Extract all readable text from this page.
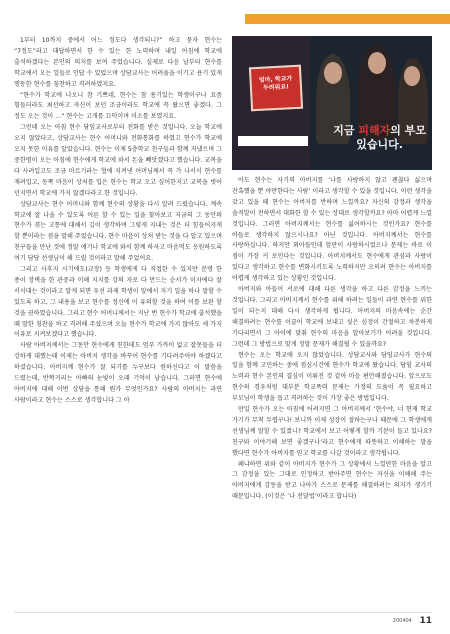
1부터 10까지 중에서 어느 정도다 생각되니?” 하고 묻자 현수는 “7정도”라고 대답하면서 한 수 있는 한 노력하며 내일 아침에 학교에 출석하겠다는 본인의 의지를 보여 주었습니다. 실제로 다음 날부터 현수를 학교에서 오는 일들로 인답 수 있었으며 상담교사는 어려움을 이기고 용기 있게 행동한 현수를 칭찬하고 격려하였지요.

“현수가 학교에 나오니 참 기쁘네, 현수는 참 용기있는 학생이구나 요즘 힘들더라도 최선하고 자신이 보던 조금이라도 학교에 꼭 왔으면 좋겠다. 그 정도 오는 것이 …” 현수는 고개를 끄덕이며 미소를 보였지요.

그런데 오는 아침 현수 담임교사로부터 전화를 받은 것입니다. 오늘 학교에 오지 않았다고, 상담교사는 현수 어머니와 전화통화를 하였고 현수가 학교에 오지 못한 이유를 알았습니다. 현수는 이제 5층학교 친구들과 함께 지냈으며 그 중한명이 오는 아침에 현수에게 학교에 와서 돈을 빼앗겠다고 했습니다. 교복을 다 사려입고도 조금 마르기라는 협에 지켜낸 어머님께서 꼭 가 나서서 현수를 재려입고, 동쪽 마음이 상처를 입은 현수는 학교 오고 싶어한지고 교복을 벗어 던지면서 학교에 가지 않겠다라고 한 것입니다.

상담교사는 현수 어머니와 함께 현수의 상황을 다시 알려 드렸습니다. 계속 학교에 잘 나올 수 있도록 어른 할 수 있는 일을 찾아보고 지금의 그 동안의 현수가 겪는 고통에 대해서 깊이 생각하며 그렇게 지내는 것은 더 힘들어지게 할 뿐이라는 점을 말해 주었습니다. 현수 마음이 상처 받는 것을 다 알고 있으며 친구들을 만난 것에 정말 얘기나 학교에 와서 함께 하자고 마음먹도 응원하도록 여기 담당 선생님이 해 드릴 것이라고 말해 주었어요.

그리고 사후지 시기에도(교장) 등 학생에게 다 직접한 수 있지만 분명 한 종이 장벽을 한 관중과 이해 지지를 강의 자로 다 만드는 순서가 이자에다 잘 서서대는 것이라고 알게 되면 우선 과제 학생이 앞에서 자기 일을 하나 말할 수 있도록 하고, 그 내용을 보고 현수를 정신에 이 유의할 것을 하여 이를 보완 할 것을 권하였습니다. 그리고 현수 어머니께서는 지난 번 현수가 학교에 출석했을 때 말한 칭찬을 하고 격려해 주셨으며 오늘 현수가 학교에 가지 않아도 세 가지 이유로 지켜보겠다고 했습니다.

사람 아버지께서는 그동안 현수에게 친한데도 엄부 가까이 없고 잘못들을 더 강하게 대했는데 이제는 아버지 생각을 바꾸어 현수를 기다려주어야 하겠다고 하셨습니다. 아버지께 현수가 잘 되기를 누구보다 원하신다고 이 말씀을 드렸는데, 반짝거리는 아빠의 눈빛이 오래 기억이 남습니다. 그러면 현수에 아버지에 대해 이번 상담을 통해 뭔가 무엇인가요? 사람의 아버지는 과연 사람이라고 현수는 스스로 생각합니다 그 아

엄마, 학교가
두려워요!
지금 피해자의 부모
있습니다.

아도 현수는 자기의 아버지를 ‘나를 사랑하지 않고 괜찮다 싫으며 잔혹했을 뿐 야만한다는 사람’ 이라고 생각할 수 있을 것입니다. 이런 생각을 갖고 있을 때 현수는 아버지를 반하며 느낄까요? 자신의 감정과 생각을 솔직말이 전하면서 대화한 할 수 있는 상대로 생각할까요? 아마 어렵게 느낄 것입니다. 그러면 아버지께서는 현수를 싫어하시는 것인가요? 현수를 아들로 생각하지 않으시나요? 아닌 것입니다. 아버지께서는 현수를 사랑하십니다. 하지만 외아들인데 앞만이 사랑하시었으나 문제는 바로 이 점이 가장 커 보인다는 것입니다. 아버지께서도 현수에게 관심과 사랑이 있다고 생각하고 현수를 변화시키도록 노력하지만 오히려 현수는 아버지를 어렵게 생각하고 있는 상황인 것입니다.

아버지와 아들이 서로에 대해 다른 생각을 하고 다른 감정을 느끼는 것입니다. 그리고 아버지께서 현수를 위해 하려는 일들이 과연 현수를 위한 일이 되는지 대해 다시 생각하게 됩니다. 아버지의 마음속에는 순간 해결하려는 현수를 이끌어 학교에 보내고 싶은 심정이 간절하고 차분하게 기다리면서 그 아이에 맞춰 현수의 마음을 알아보기가 어려울 것입니다. 그런데 그 방법으로 맞게 정말 문제가 해결될 수 있을까요?

현수는 오는 학교에 오지 않았습니다. 상담교사와 담임교사가 현수의 일을 함께 고민하는 중에 점심시간에 현수가 학교에 왔습니다. 담임 교사의 노력과 현수 본인의 결심이 이뤄진 것 같아 마음 편안해졌습니다. 앞으로도 현수의 경우처럼 대부분 학교폭력 문제는 가정의 도움이 꼭 필요하고 부모님이 학생을 돕고 격려하는 것이 가장 좋은 방법입니다.

만일 현수가 오는 아침에 어려지면 그 아버지께서 ‘현수야, 너 현재 학교 가기가 무척 두렵구나! 보니까 이제 성장이 잘하는구나 때문에 그 학생에게 선생님께 말할 수 있겠니? 학교에서 보고 어떻게 할까 기분이 들고 있나요? 친구와 이야기해 보면 좋겠구나’라고 현수에게 따뜻하고 이해하는 말을 했다면 현수가 아버지를 믿고 학교를 나갈 것이라고 생각됩니다.

왜냐하면 위와 같이 아버지가 현수가 그 상황에서 느낄만한 마음을 알고 그 감정을 있는 그대로 인정하고 받아주면 현수는 자신을 이해해 주는 아버지에게 감동을 받고 나아가 스스로 문제를 해결하려는 의지가 생기기 때문입니다. (이것은 ‘나 전달법’이라고 합니다)

200404 11
